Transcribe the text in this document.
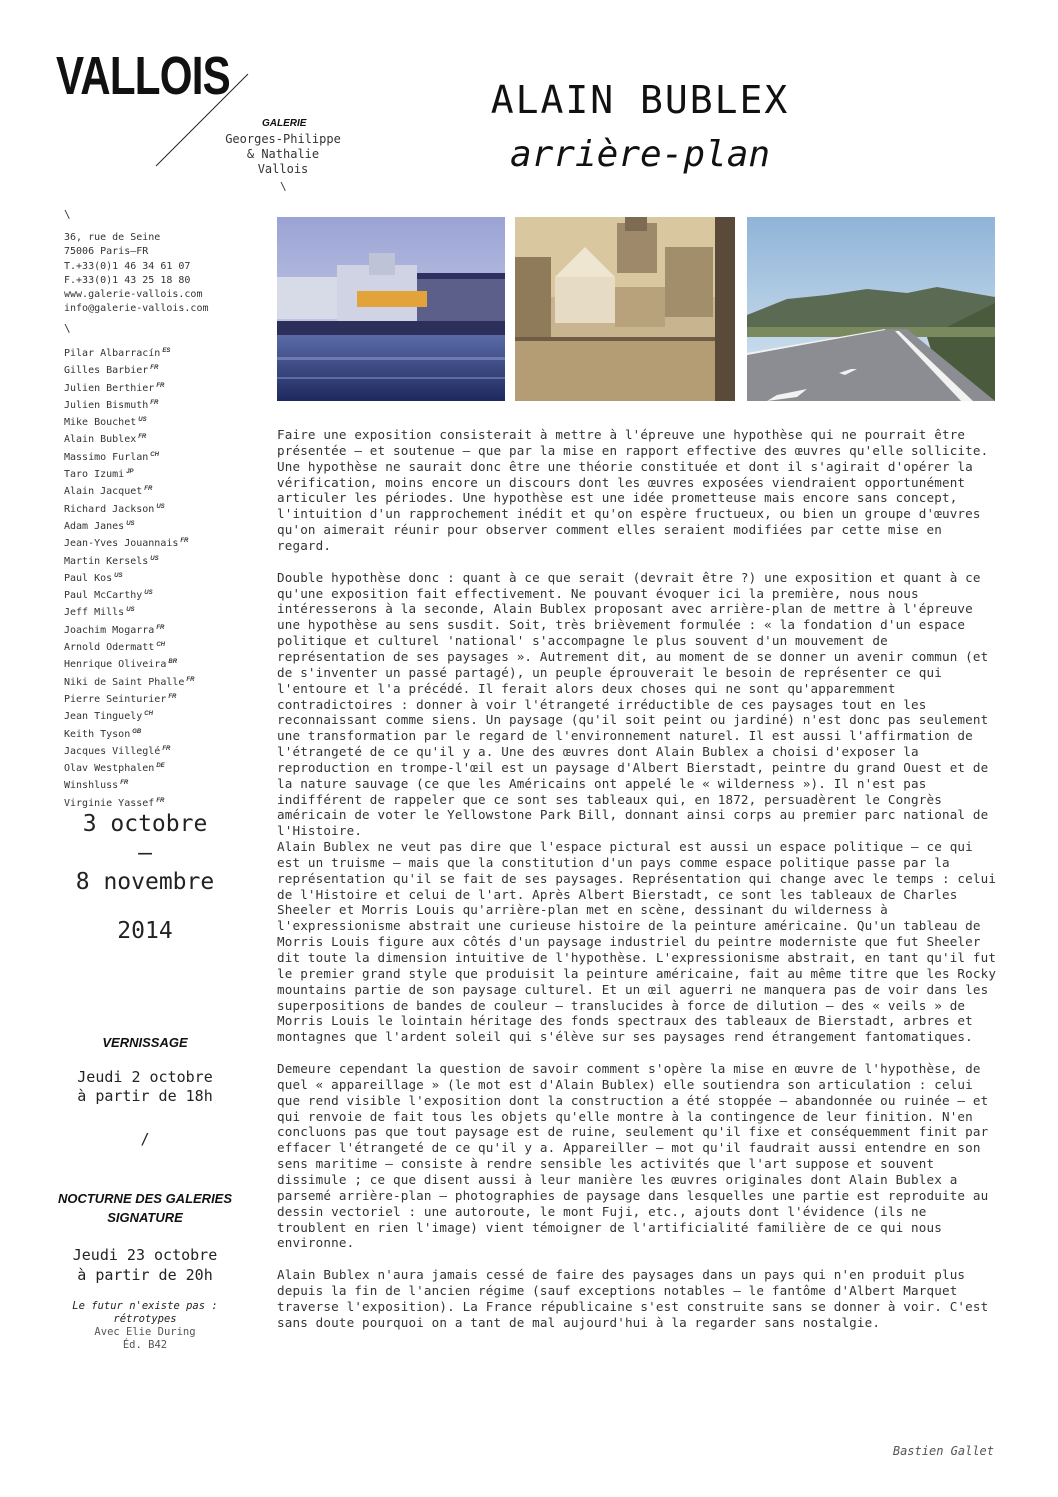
VALLOIS
GALERIE
Georges-Philippe
& Nathalie
Vallois
\
ALAIN BUBLEX
arrière-plan
\
36, rue de Seine
75006 Paris—FR
T.+33(0)1 46 34 61 07
F.+33(0)1 43 25 18 80
www.galerie-vallois.com
info@galerie-vallois.com
\
Pilar Albarracín $^{ES}$
Gilles Barbier $^{FR}$
Julien Berthier $^{FR}$
Julien Bismuth $^{FR}$
Mike Bouchet $^{US}$
Alain Bublex $^{FR}$
Massimo Furlan $^{CH}$
Taro Izumi $^{JP}$
Alain Jacquet $^{FR}$
Richard Jackson $^{US}$
Adam Janes $^{US}$
Jean-Yves Jouannais $^{FR}$
Martin Kersels $^{US}$
Paul Kos $^{US}$
Paul McCarthy $^{US}$
Jeff Mills $^{US}$
Joachim Mogarra $^{FR}$
Arnold Odermatt $^{CH}$
Henrique Oliveira $^{BR}$
Niki de Saint Phalle $^{FR}$
Pierre Seinturier $^{FR}$
Jean Tinguely $^{CH}$
Keith Tyson $^{GB}$
Jacques Villeglé $^{FR}$
Olav Westphalen $^{DE}$
Winshluss $^{FR}$
Virginie Yassef $^{FR}$
3 octobre
—
8 novembre
2014
VERNISSAGE
Jeudi 2 octobre
à partir de 18h
/
NOCTURNE DES GALERIES
SIGNATURE
Jeudi 23 octobre
à partir de 20h
Le futur n'existe pas :
rétrotypes
Avec Elie During
Éd. B42

Faire une exposition consisterait à mettre à l'épreuve une hypothèse qui ne pourrait être présentée – et soutenue – que par la mise en rapport effective des œuvres qu'elle sollicite. Une hypothèse ne saurait donc être une théorie constituée et dont il s'agirait d'opérer la vérification, moins encore un discours dont les œuvres exposées viendraient opportunément articuler les périodes. Une hypothèse est une idée prometteuse mais encore sans concept, l'intuition d'un rapprochement inédit et qu'on espère fructueux, ou bien un groupe d'œuvres qu'on aimerait réunir pour observer comment elles seraient modifiées par cette mise en regard.

Double hypothèse donc : quant à ce que serait (devrait être ?) une exposition et quant à ce qu'une exposition fait effectivement. Ne pouvant évoquer ici la première, nous nous intéresserons à la seconde, Alain Bublex proposant avec arrière-plan de mettre à l'épreuve une hypothèse au sens susdit. Soit, très brièvement formulée : « la fondation d'un espace politique et culturel 'national' s'accompagne le plus souvent d'un mouvement de représentation de ses paysages ». Autrement dit, au moment de se donner un avenir commun (et de s'inventer un passé partagé), un peuple éprouverait le besoin de représenter ce qui l'entoure et l'a précédé. Il ferait alors deux choses qui ne sont qu'apparemment contradictoires : donner à voir l'étrangeté irréductible de ces paysages tout en les reconnaissant comme siens. Un paysage (qu'il soit peint ou jardiné) n'est donc pas seulement une transformation par le regard de l'environnement naturel. Il est aussi l'affirmation de l'étrangeté de ce qu'il y a. Une des œuvres dont Alain Bublex a choisi d'exposer la reproduction en trompe-l'œil est un paysage d'Albert Bierstadt, peintre du grand Ouest et de la nature sauvage (ce que les Américains ont appelé le « wilderness »). Il n'est pas indifférent de rappeler que ce sont ses tableaux qui, en 1872, persuadèrent le Congrès américain de voter le Yellowstone Park Bill, donnant ainsi corps au premier parc national de l'Histoire.

Alain Bublex ne veut pas dire que l'espace pictural est aussi un espace politique – ce qui est un truisme – mais que la constitution d'un pays comme espace politique passe par la représentation qu'il se fait de ses paysages. Représentation qui change avec le temps : celui de l'Histoire et celui de l'art. Après Albert Bierstadt, ce sont les tableaux de Charles Sheeler et Morris Louis qu'arrière-plan met en scène, dessinant du wilderness à l'expressionisme abstrait une curieuse histoire de la peinture américaine. Qu'un tableau de Morris Louis figure aux côtés d'un paysage industriel du peintre moderniste que fut Sheeler dit toute la dimension intuitive de l'hypothèse. L'expressionisme abstrait, en tant qu'il fut le premier grand style que produisit la peinture américaine, fait au même titre que les Rocky mountains partie de son paysage culturel. Et un œil aguerri ne manquera pas de voir dans les superpositions de bandes de couleur – translucides à force de dilution – des « veils » de Morris Louis le lointain héritage des fonds spectraux des tableaux de Bierstadt, arbres et montagnes que l'ardent soleil qui s'élève sur ses paysages rend étrangement fantomatiques.

Demeure cependant la question de savoir comment s'opère la mise en œuvre de l'hypothèse, de quel « appareillage » (le mot est d'Alain Bublex) elle soutiendra son articulation : celui que rend visible l'exposition dont la construction a été stoppée – abandonnée ou ruinée – et qui renvoie de fait tous les objets qu'elle montre à la contingence de leur finition. N'en concluons pas que tout paysage est de ruine, seulement qu'il fixe et conséquemment finit par effacer l'étrangeté de ce qu'il y a. Appareiller – mot qu'il faudrait aussi entendre en son sens maritime – consiste à rendre sensible les activités que l'art suppose et souvent dissimule ; ce que disent aussi à leur manière les œuvres originales dont Alain Bublex a parsemé arrière-plan – photographies de paysage dans lesquelles une partie est reproduite au dessin vectoriel : une autoroute, le mont Fuji, etc., ajouts dont l'évidence (ils ne troublent en rien l'image) vient témoigner de l'artificialité familière de ce qui nous environne.

Alain Bublex n'aura jamais cessé de faire des paysages dans un pays qui n'en produit plus depuis la fin de l'ancien régime (sauf exceptions notables – le fantôme d'Albert Marquet traverse l'exposition). La France républicaine s'est construite sans se donner à voir. C'est sans doute pourquoi on a tant de mal aujourd'hui à la regarder sans nostalgie.

Bastien Gallet
